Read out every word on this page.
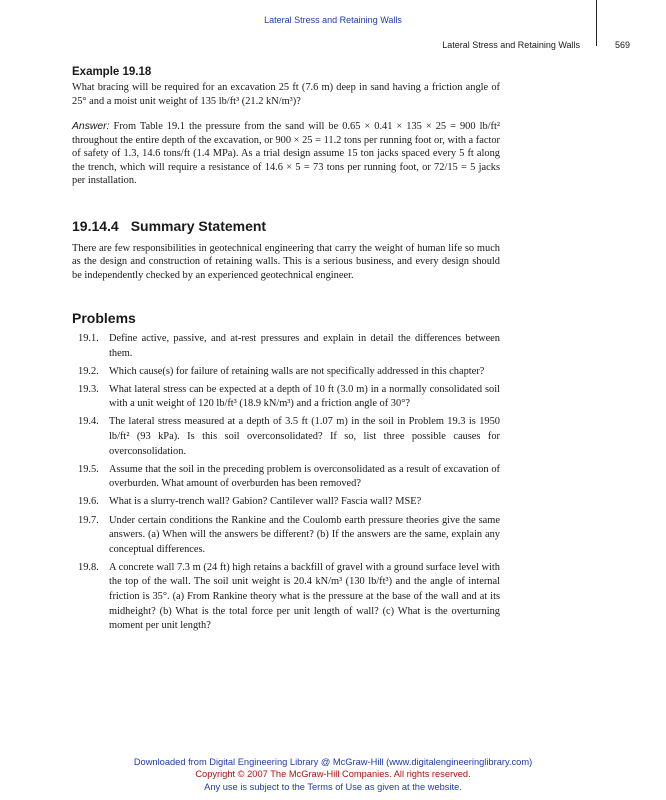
Lateral Stress and Retaining Walls
Lateral Stress and Retaining Walls	569
Example 19.18

What bracing will be required for an excavation 25 ft (7.6 m) deep in sand having a friction angle of 25° and a moist unit weight of 135 lb/ft³ (21.2 kN/m³)?

Answer: From Table 19.1 the pressure from the sand will be 0.65 × 0.41 × 135 × 25 = 900 lb/ft² throughout the entire depth of the excavation, or 900 × 25 = 11.2 tons per running foot or, with a factor of safety of 1.3, 14.6 tons/ft (1.4 MPa). As a trial design assume 15 ton jacks spaced every 5 ft along the trench, which will require a resistance of 14.6 × 5 = 73 tons per running foot, or 72/15 = 5 jacks per installation.

19.14.4 Summary Statement

There are few responsibilities in geotechnical engineering that carry the weight of human life so much as the design and construction of retaining walls. This is a serious business, and every design should be independently checked by an experienced geotechnical engineer.

Problems
19.1. Define active, passive, and at-rest pressures and explain in detail the differences between them.
19.2. Which cause(s) for failure of retaining walls are not specifically addressed in this chapter?
19.3. What lateral stress can be expected at a depth of 10 ft (3.0 m) in a normally consolidated soil with a unit weight of 120 lb/ft³ (18.9 kN/m³) and a friction angle of 30°?
19.4. The lateral stress measured at a depth of 3.5 ft (1.07 m) in the soil in Problem 19.3 is 1950 lb/ft² (93 kPa). Is this soil overconsolidated? If so, list three possible causes for overconsolidation.
19.5. Assume that the soil in the preceding problem is overconsolidated as a result of excavation of overburden. What amount of overburden has been removed?
19.6. What is a slurry-trench wall? Gabion? Cantilever wall? Fascia wall? MSE?
19.7. Under certain conditions the Rankine and the Coulomb earth pressure theories give the same answers. (a) When will the answers be different? (b) If the answers are the same, explain any conceptual differences.
19.8. A concrete wall 7.3 m (24 ft) high retains a backfill of gravel with a ground surface level with the top of the wall. The soil unit weight is 20.4 kN/m³ (130 lb/ft³) and the angle of internal friction is 35°. (a) From Rankine theory what is the pressure at the base of the wall and at its midheight? (b) What is the total force per unit length of wall? (c) What is the overturning moment per unit length?
Downloaded from Digital Engineering Library @ McGraw-Hill (www.digitalengineeringlibrary.com)
Copyright © 2007 The McGraw-Hill Companies. All rights reserved.
Any use is subject to the Terms of Use as given at the website.
